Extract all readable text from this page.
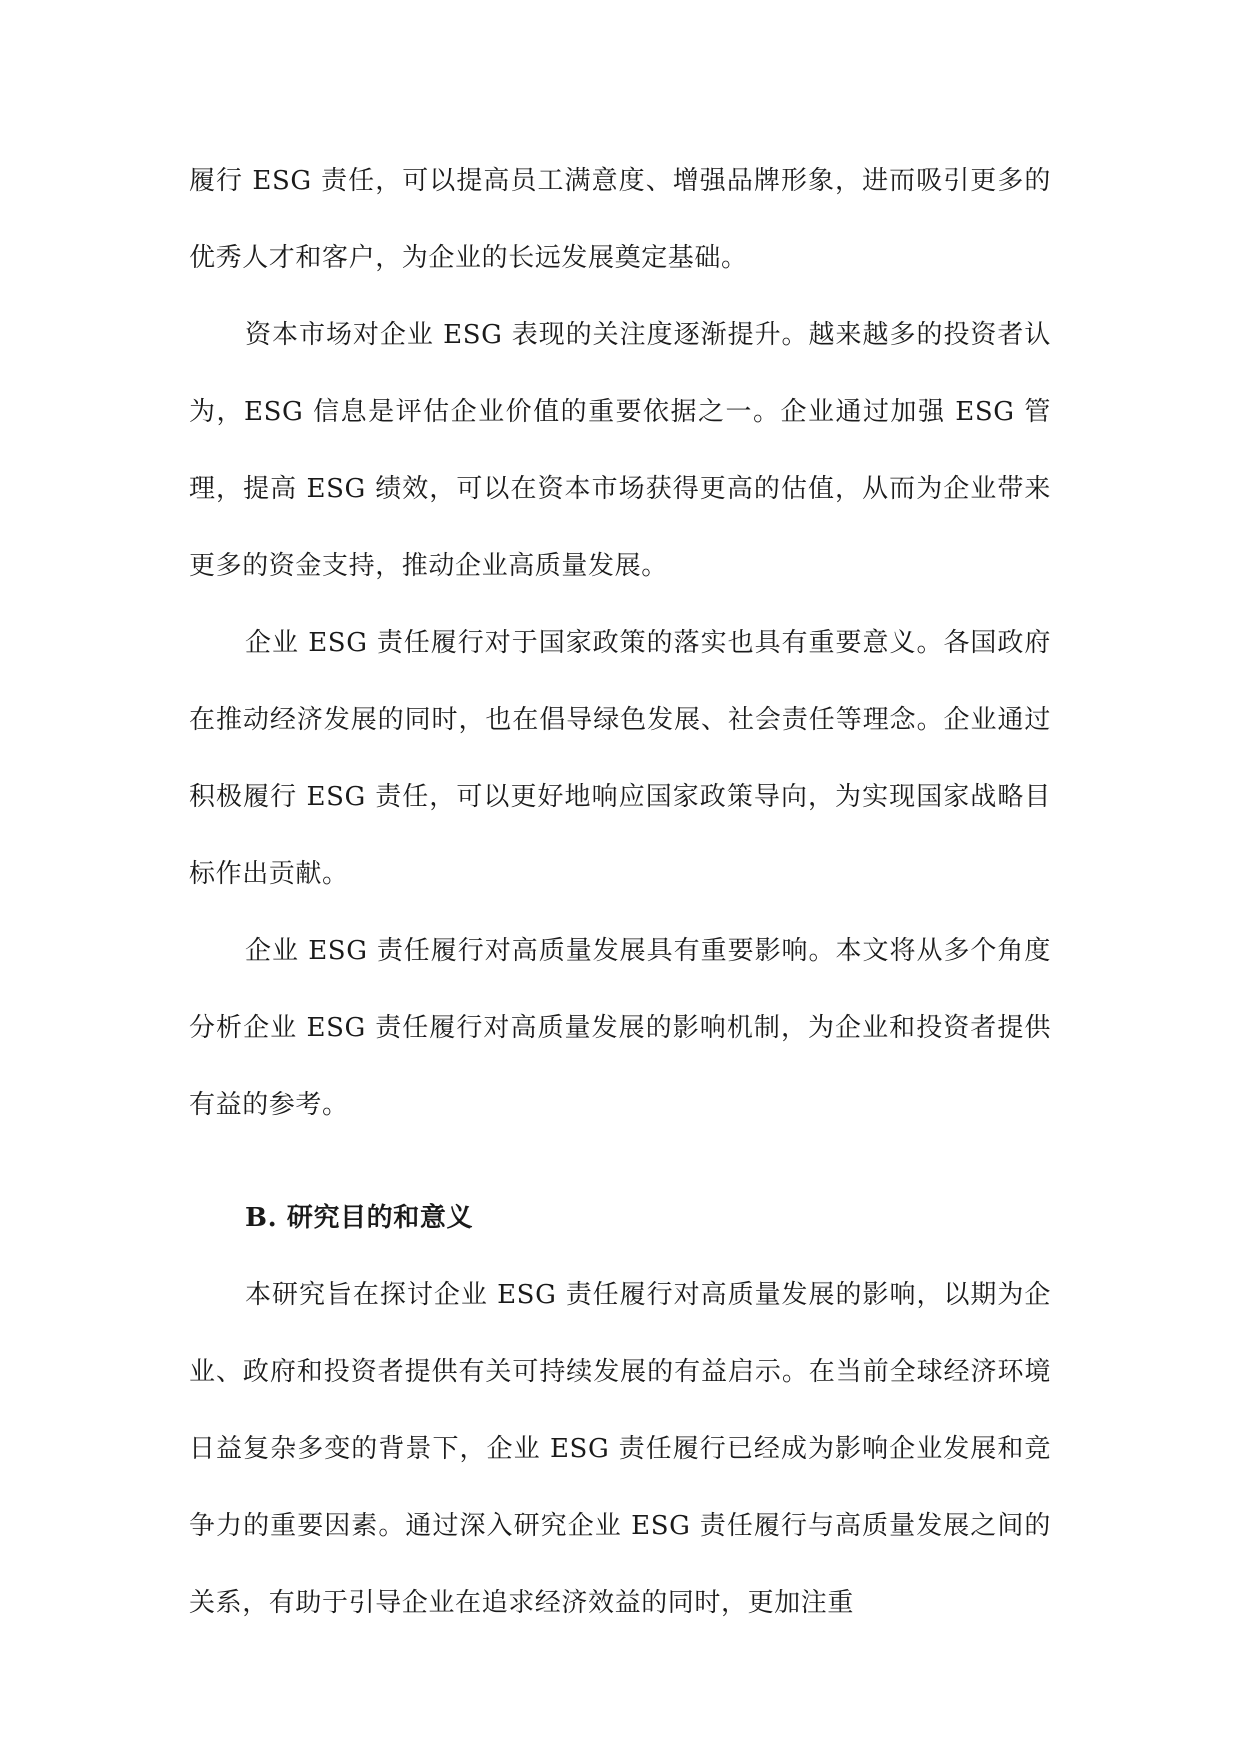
履行 ESG 责任，可以提高员工满意度、增强品牌形象，进而吸引更多的优秀人才和客户，为企业的长远发展奠定基础。

资本市场对企业 ESG 表现的关注度逐渐提升。越来越多的投资者认为，ESG 信息是评估企业价值的重要依据之一。企业通过加强 ESG 管理，提高 ESG 绩效，可以在资本市场获得更高的估值，从而为企业带来更多的资金支持，推动企业高质量发展。

企业 ESG 责任履行对于国家政策的落实也具有重要意义。各国政府在推动经济发展的同时，也在倡导绿色发展、社会责任等理念。企业通过积极履行 ESG 责任，可以更好地响应国家政策导向，为实现国家战略目标作出贡献。

企业 ESG 责任履行对高质量发展具有重要影响。本文将从多个角度分析企业 ESG 责任履行对高质量发展的影响机制，为企业和投资者提供有益的参考。

B. 研究目的和意义

本研究旨在探讨企业 ESG 责任履行对高质量发展的影响，以期为企业、政府和投资者提供有关可持续发展的有益启示。在当前全球经济环境日益复杂多变的背景下，企业 ESG 责任履行已经成为影响企业发展和竞争力的重要因素。通过深入研究企业 ESG 责任履行与高质量发展之间的关系，有助于引导企业在追求经济效益的同时，更加注重
